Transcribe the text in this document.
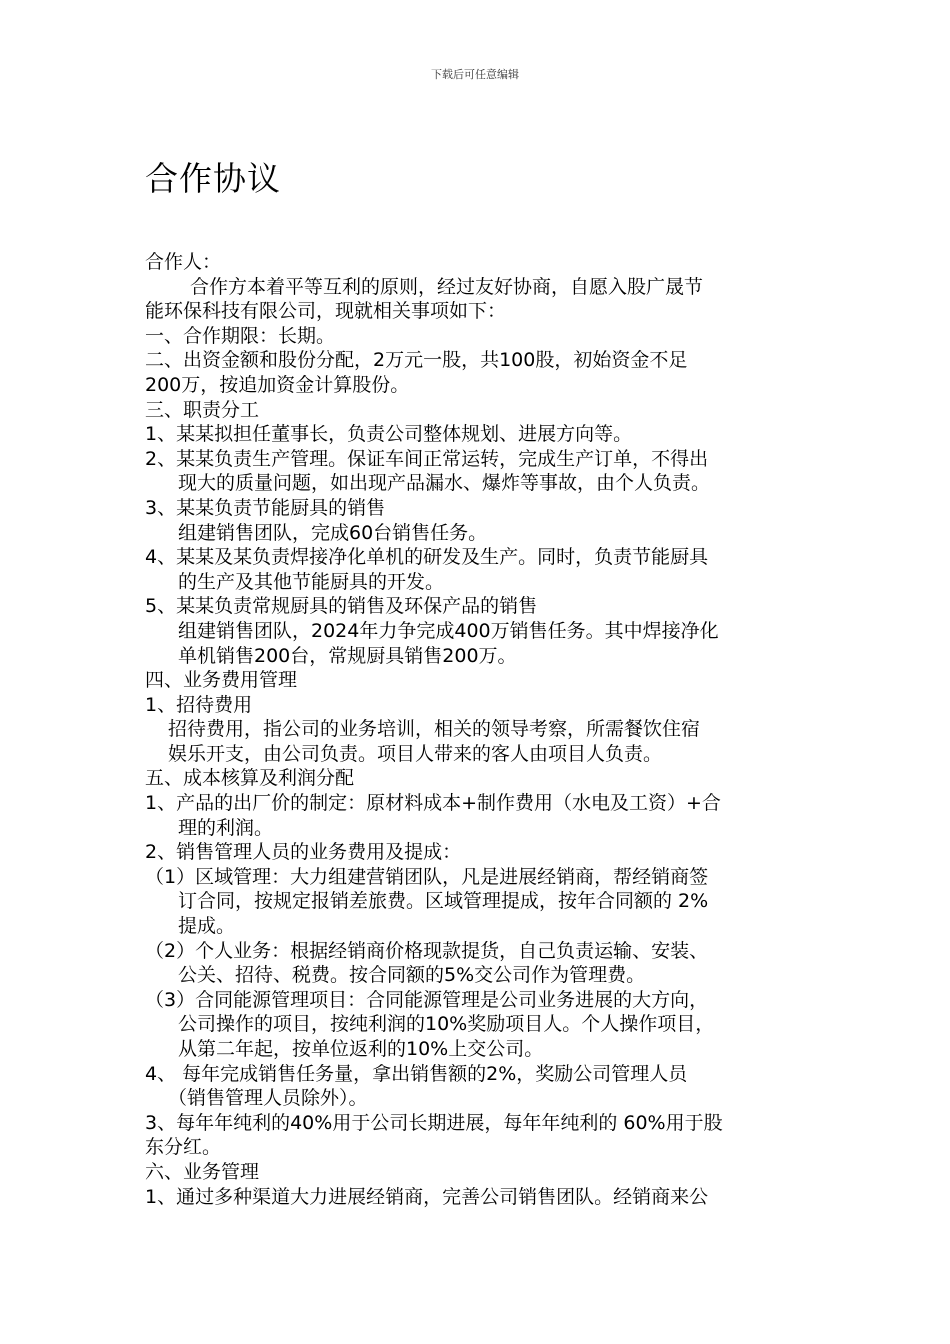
下载后可任意编辑
合作协议
合作人：
合作方本着平等互利的原则，经过友好协商，自愿入股广晟节
能环保科技有限公司，现就相关事项如下：
一、合作期限：长期。
二、出资金额和股份分配，2万元一股，共100股，初始资金不足
200万，按追加资金计算股份。
三、职责分工
1、某某拟担任董事长，负责公司整体规划、进展方向等。
2、某某负责生产管理。保证车间正常运转，完成生产订单，不得出
现大的质量问题，如出现产品漏水、爆炸等事故，由个人负责。
3、某某负责节能厨具的销售
组建销售团队，完成60台销售任务。
4、某某及某负责焊接净化单机的研发及生产。同时，负责节能厨具
的生产及其他节能厨具的开发。
5、某某负责常规厨具的销售及环保产品的销售
组建销售团队，2024年力争完成400万销售任务。其中焊接净化
单机销售200台，常规厨具销售200万。
四、业务费用管理
1、招待费用
招待费用，指公司的业务培训，相关的领导考察，所需餐饮住宿
娱乐开支，由公司负责。项目人带来的客人由项目人负责。
五、成本核算及利润分配
1、产品的出厂价的制定：原材料成本+制作费用（水电及工资）+合
理的利润。
2、销售管理人员的业务费用及提成：
（1）区域管理：大力组建营销团队，凡是进展经销商，帮经销商签
订合同，按规定报销差旅费。区域管理提成，按年合同额的 2%
提成。
（2）个人业务：根据经销商价格现款提货，自己负责运输、安装、
公关、招待、税费。按合同额的5%交公司作为管理费。
（3）合同能源管理项目：合同能源管理是公司业务进展的大方向，
公司操作的项目，按纯利润的10%奖励项目人。个人操作项目，
从第二年起，按单位返利的10%上交公司。
4、 每年完成销售任务量，拿出销售额的2%，奖励公司管理人员
（销售管理人员除外）。
3、每年年纯利的40%用于公司长期进展，每年年纯利的 60%用于股
东分红。
六、业务管理
1、通过多种渠道大力进展经销商，完善公司销售团队。经销商来公
